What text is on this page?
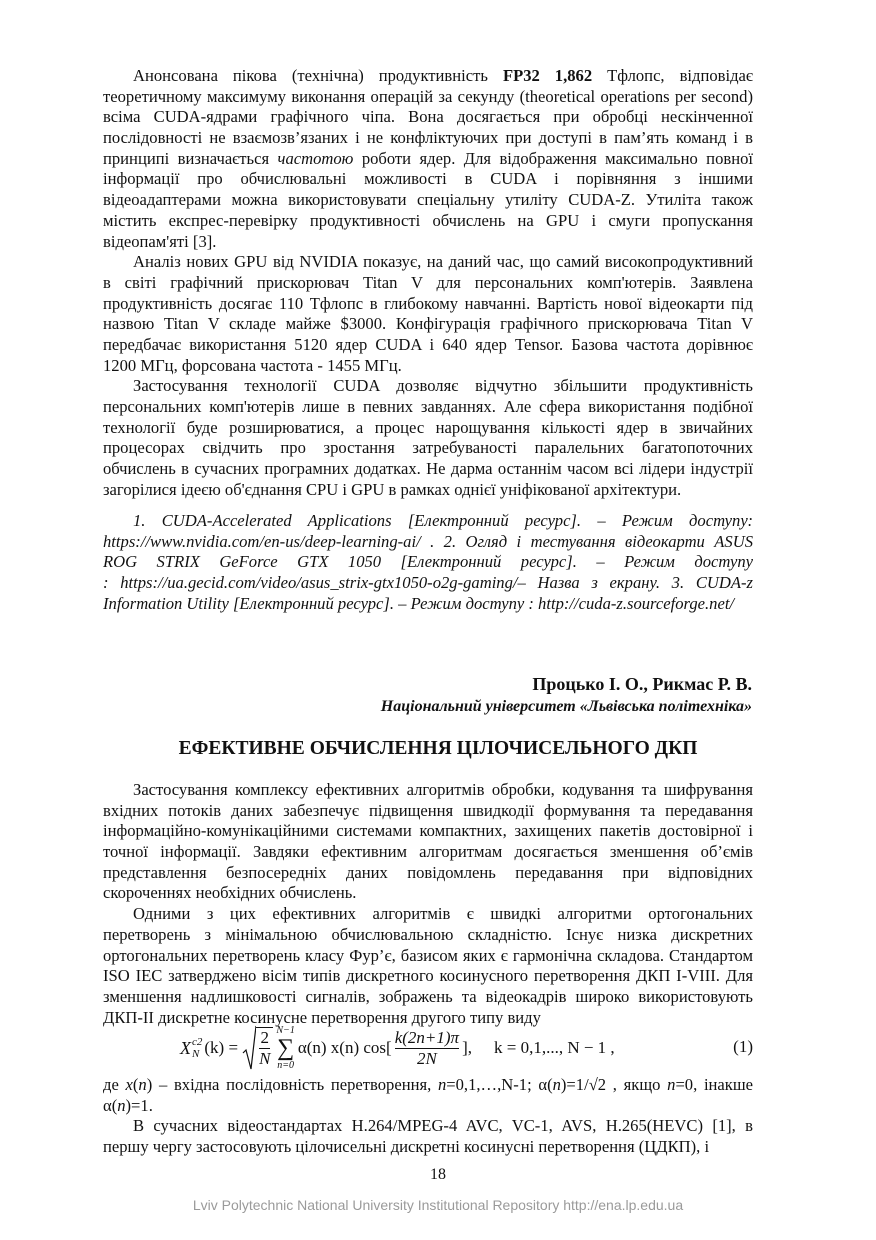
Анонсована пікова (технічна) продуктивність FP32 1,862 Тфлопс, відповідає
теоретичному максимуму виконання операцій за секунду (theoretical operations per second)
всіма CUDA-ядрами графічного чіпа. Вона досягається при обробці нескінченної
послідовності не взаємозв’язаних і не конфліктуючих при доступі в пам’ять команд і в
принципі визначається частотою роботи ядер. Для відображення максимально повної
інформації про обчислювальні можливості в CUDA і порівняння з іншими
відеоадаптерами можна використовувати спеціальну утиліту CUDA-Z. Утиліта також
містить експрес-перевірку продуктивності обчислень на GPU і смуги пропускання
відеопам'яті [3].
Аналіз нових GPU від NVIDIA показує, на даний час, що самий високопродуктивний
в світі графічний прискорювач Titan V для персональних комп'ютерів. Заявлена
продуктивність досягає 110 Тфлопс в глибокому навчанні. Вартість нової відеокарти під
назвою Titan V складе майже $3000. Конфігурація графічного прискорювача Titan V
передбачає використання 5120 ядер CUDA і 640 ядер Tensor. Базова частота дорівнює
1200 МГц, форсована частота - 1455 МГц.
Застосування технології CUDA дозволяє відчутно збільшити продуктивність
персональних комп'ютерів лише в певних завданнях. Але сфера використання подібної
технології буде розширюватися, а процес нарощування кількості ядер в звичайних
процесорах свідчить про зростання затребуваності паралельних багатопоточних
обчислень в сучасних програмних додатках. Не дарма останнім часом всі лідери індустрії
загорілися ідеєю об'єднання CPU і GPU в рамках однієї уніфікованої архітектури.
1. CUDA-Accelerated Applications [Електронний ресурс]. – Режим доступу:
https://www.nvidia.com/en-us/deep-learning-ai/ . 2. Огляд і тестування відеокарти ASUS
ROG STRIX GeForce GTX 1050 [Електронний ресурс]. – Режим доступу
: https://ua.gecid.com/video/asus_strix-gtx1050-o2g-gaming/– Назва з екрану. 3. CUDA-z
Information Utility [Електронний ресурс]. – Режим доступу : http://cuda-z.sourceforge.net/
Процько І. О., Рикмас Р. В.
Національний університет «Львівська політехніка»
ЕФЕКТИВНЕ ОБЧИСЛЕННЯ ЦІЛОЧИСЕЛЬНОГО ДКП
Застосування комплексу ефективних алгоритмів обробки, кодування та шифрування
вхідних потоків даних забезпечує підвищення швидкодії формування та передавання
інформаційно-комунікаційними системами компактних, захищених пакетів достовірної і
точної інформації. Завдяки ефективним алгоритмам досягається зменшення об’ємів
представлення безпосередніх даних повідомлень передавання при відповідних
скороченнях необхідних обчислень.
Одними з цих ефективних алгоритмів є швидкі алгоритми ортогональних
перетворень з мінімальною обчислювальною складністю. Існує низка дискретних
ортогональних перетворень класу Фур’є, базисом яких є гармонічна складова. Стандартом
ISO IEC затверджено вісім типів дискретного косинусного перетворення ДКП I-VIII. Для
зменшення надлишковості сигналів, зображень та відеокадрів широко використовують
ДКП-II дискретне косинусне перетворення другого типу виду
X c2
N $(k) = \frac{2}{N} N-1$
∑
n=0
α(n) x(n) $\cos[ \frac{k(2n+1)\pi}{2N}$ ], k = 0,1,..., N − 1 ,	(1)
де x(n) – вхідна послідовність перетворення, n=0,1,…,N-1; α(n)=1/√2 , якщо n=0, інакше
α(n)=1.
В сучасних відеостандартах H.264/MPEG-4 AVC, VC-1, AVS, H.265(HEVC) [1], в
першу чергу застосовують цілочисельні дискретні косинусні перетворення (ЦДКП), і
18
Lviv Polytechnic National University Institutional Repository http://ena.lp.edu.ua
